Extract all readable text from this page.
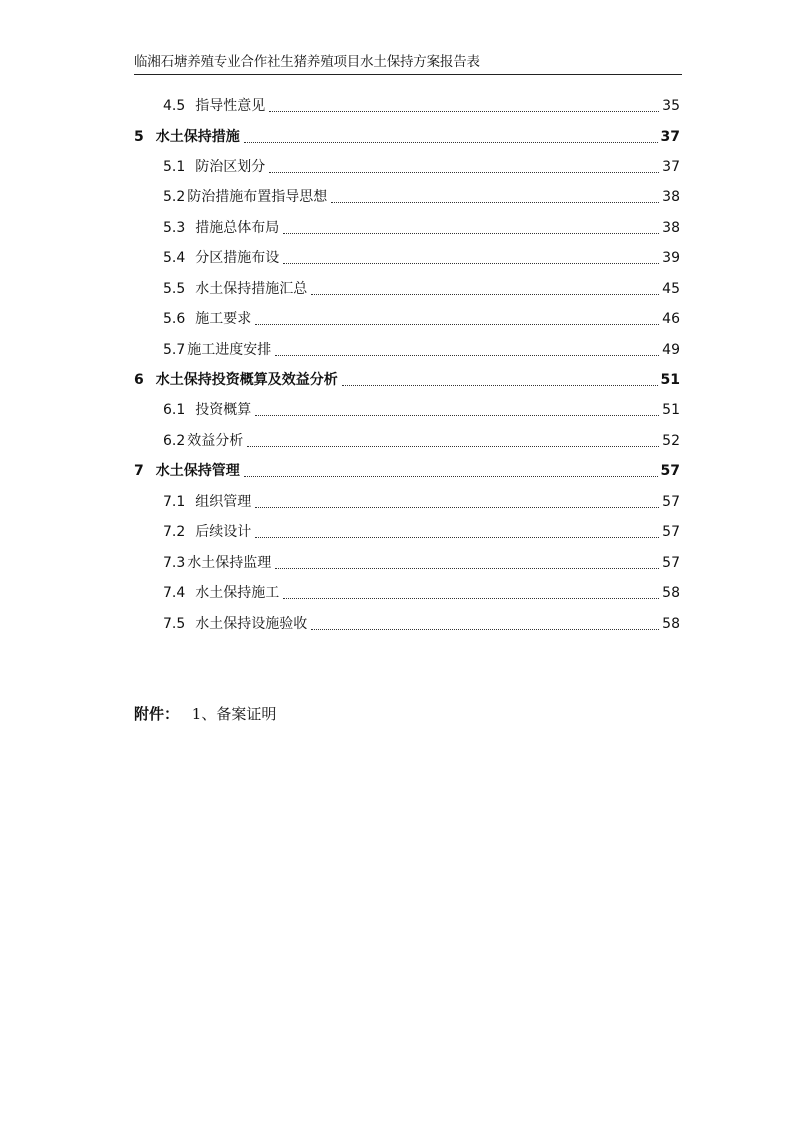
临湘石塘养殖专业合作社生猪养殖项目水土保持方案报告表
4.5 指导性意见	35
5 水土保持措施	37
5.1 防治区划分	37
5.2 防治措施布置指导思想	38
5.3 措施总体布局	38
5.4 分区措施布设	39
5.5 水土保持措施汇总	45
5.6 施工要求	46
5.7 施工进度安排	49
6 水土保持投资概算及效益分析	51
6.1 投资概算	51
6.2 效益分析	52
7 水土保持管理	57
7.1 组织管理	57
7.2 后续设计	57
7.3 水土保持监理	57
7.4 水土保持施工	58
7.5 水土保持设施验收	58
附件： 1、备案证明
